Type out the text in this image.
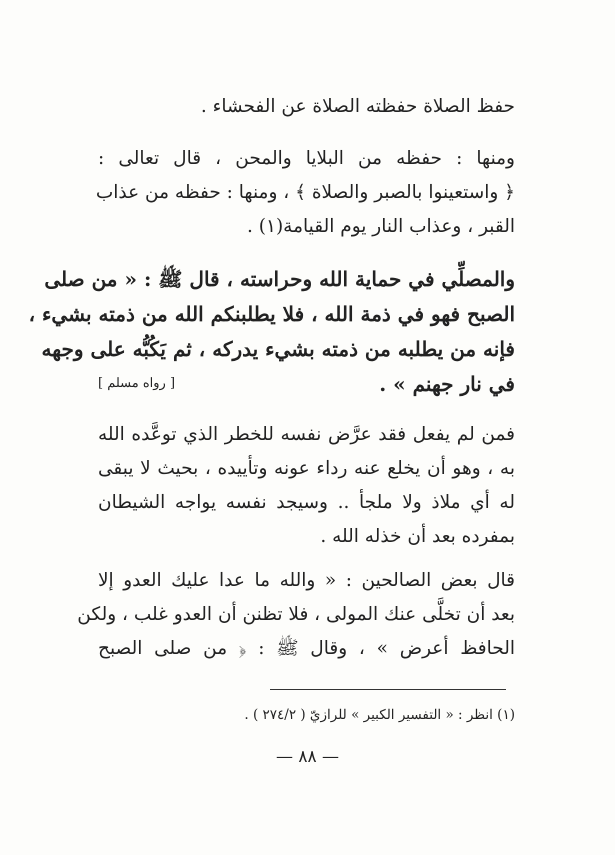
حفظ الصلاة حفظته الصلاة عن الفحشاء .
ومنها : حفظه من البلايا والمحن ، قال تعالى :
﴿ واستعينوا بالصبر والصلاة ﴾ ، ومنها : حفظه من عذاب
القبر ، وعذاب النار يوم القيامة(١) .
والمصلِّي في حماية الله وحراسته ، قال ﷺ : « من صلى
الصبح فهو في ذمة الله ، فلا يطلبنكم الله من ذمته بشيء ،
فإنه من يطلبه من ذمته بشيء يدركه ، ثم يَكُبُّه على وجهه
في نار جهنم » .
[ رواه مسلم ]
فمن لم يفعل فقد عرَّض نفسه للخطر الذي توعَّده الله
به ، وهو أن يخلع عنه رداء عونه وتأييده ، بحيث لا يبقى
له أي ملاذ ولا ملجأ .. وسيجد نفسه يواجه الشيطان
بمفرده بعد أن خذله الله .
قال بعض الصالحين : « والله ما عدا عليك العدو إلا
بعد أن تخلَّى عنك المولى ، فلا تظنن أن العدو غلب ، ولكن
الحافظ أعرض » ، وقال ﷺ : ﴿ من صلى الصبح
(١) انظر : « التفسير الكبير » للرازيّ ( ٢٧٤/٢ ) .
— ٨٨ —
